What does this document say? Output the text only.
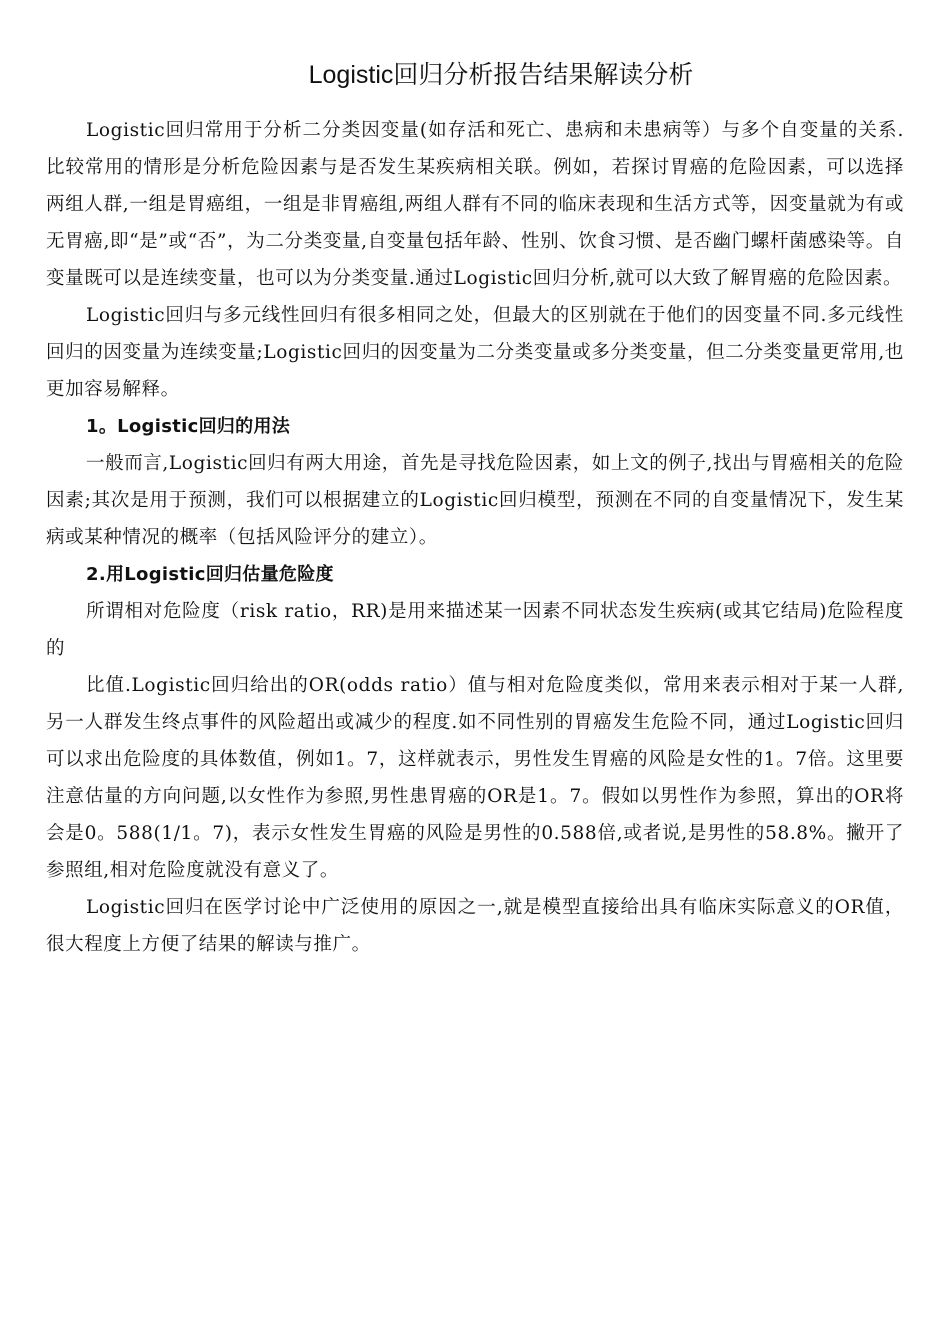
Logistic回归分析报告结果解读分析

Logistic回归常用于分析二分类因变量(如存活和死亡、患病和未患病等）与多个自变量的关系.比较常用的情形是分析危险因素与是否发生某疾病相关联。例如，若探讨胃癌的危险因素，可以选择两组人群,一组是胃癌组，一组是非胃癌组,两组人群有不同的临床表现和生活方式等，因变量就为有或无胃癌,即“是”或“否”，为二分类变量,自变量包括年龄、性别、饮食习惯、是否幽门螺杆菌感染等。自变量既可以是连续变量，也可以为分类变量.通过Logistic回归分析,就可以大致了解胃癌的危险因素。

Logistic回归与多元线性回归有很多相同之处，但最大的区别就在于他们的因变量不同.多元线性回归的因变量为连续变量;Logistic回归的因变量为二分类变量或多分类变量，但二分类变量更常用,也更加容易解释。

1。Logistic回归的用法

一般而言,Logistic回归有两大用途，首先是寻找危险因素，如上文的例子,找出与胃癌相关的危险因素;其次是用于预测，我们可以根据建立的Logistic回归模型，预测在不同的自变量情况下，发生某病或某种情况的概率（包括风险评分的建立）。

2.用Logistic回归估量危险度

所谓相对危险度（risk ratio，RR)是用来描述某一因素不同状态发生疾病(或其它结局)危险程度的

比值.Logistic回归给出的OR(odds ratio）值与相对危险度类似，常用来表示相对于某一人群,另一人群发生终点事件的风险超出或减少的程度.如不同性别的胃癌发生危险不同，通过Logistic回归可以求出危险度的具体数值，例如1。7，这样就表示，男性发生胃癌的风险是女性的1。7倍。这里要注意估量的方向问题,以女性作为参照,男性患胃癌的OR是1。7。假如以男性作为参照，算出的OR将会是0。588(1/1。7)，表示女性发生胃癌的风险是男性的0.588倍,或者说,是男性的58.8%。撇开了参照组,相对危险度就没有意义了。

Logistic回归在医学讨论中广泛使用的原因之一,就是模型直接给出具有临床实际意义的OR值，很大程度上方便了结果的解读与推广。
